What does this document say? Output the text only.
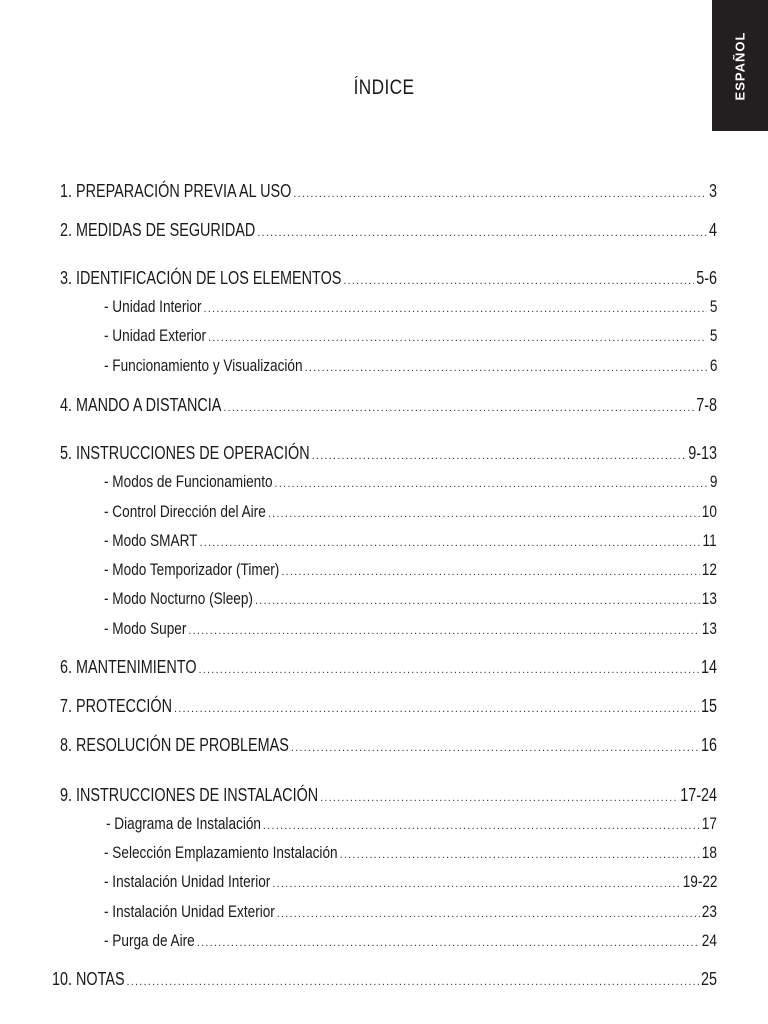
ESPAÑOL
ÍNDICE
1. PREPARACIÓN PREVIA AL USO .....	3
2. MEDIDAS DE SEGURIDAD .....	4
3. IDENTIFICACIÓN DE LOS ELEMENTOS .....	5-6
- Unidad Interior .....	5
- Unidad Exterior .....	5
- Funcionamiento y Visualización .....	6
4. MANDO A DISTANCIA .....	7-8
5. INSTRUCCIONES DE OPERACIÓN .....	9-13
- Modos de Funcionamiento .....	9
- Control Dirección del Aire .....	10
- Modo SMART .....	11
- Modo Temporizador (Timer) .....	12
- Modo Nocturno (Sleep) .....	13
- Modo Super .....	13
6. MANTENIMIENTO .....	14
7. PROTECCIÓN .....	15
8. RESOLUCIÓN DE PROBLEMAS .....	16
9. INSTRUCCIONES DE INSTALACIÓN .....	17-24
- Diagrama de Instalación .....	17
- Selección Emplazamiento Instalación .....	18
- Instalación Unidad Interior .....	19-22
- Instalación Unidad Exterior .....	23
- Purga de Aire .....	24
10. NOTAS .....	25
